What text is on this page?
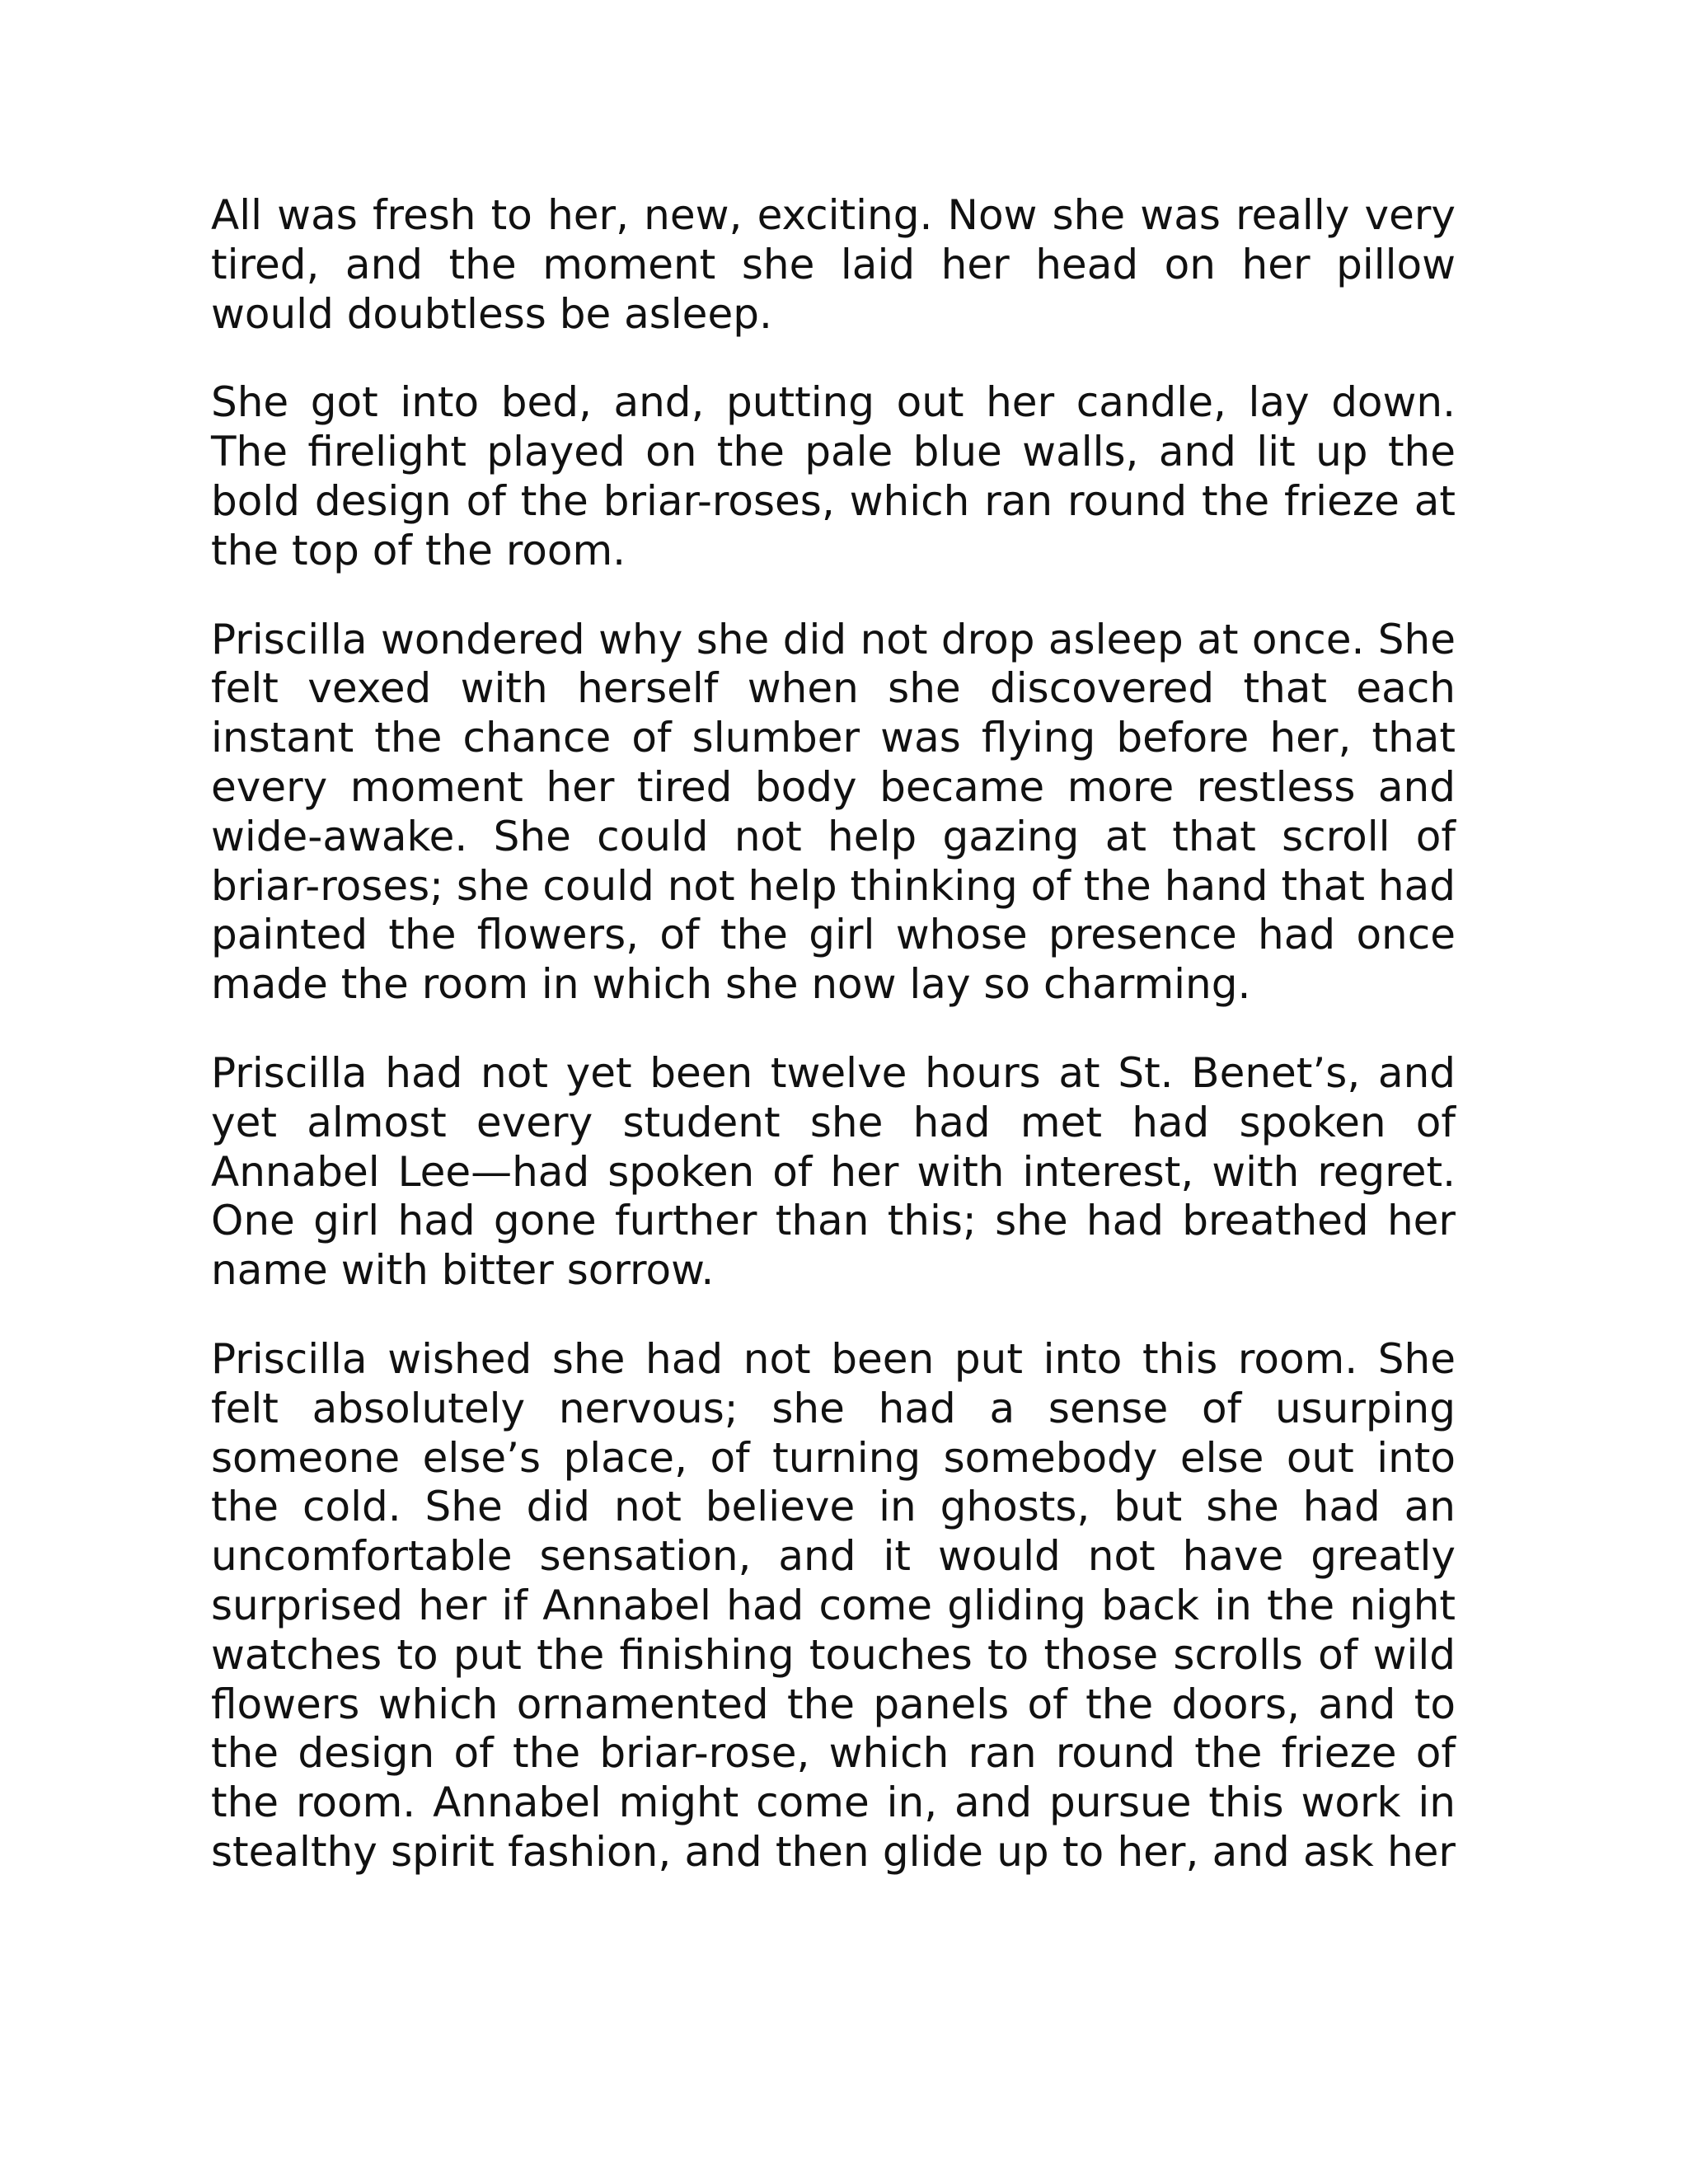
All was fresh to her, new, exciting. Now she was really very tired, and the moment she laid her head on her pillow would doubtless be asleep.

She got into bed, and, putting out her candle, lay down. The firelight played on the pale blue walls, and lit up the bold design of the briar-roses, which ran round the frieze at the top of the room.

Priscilla wondered why she did not drop asleep at once. She felt vexed with herself when she discovered that each instant the chance of slumber was flying before her, that every moment her tired body became more restless and wide-awake. She could not help gazing at that scroll of briar-roses; she could not help thinking of the hand that had painted the flowers, of the girl whose presence had once made the room in which she now lay so charming.

Priscilla had not yet been twelve hours at St. Benet’s, and yet almost every student she had met had spoken of Annabel Lee—had spoken of her with interest, with regret. One girl had gone further than this; she had breathed her name with bitter sorrow.

Priscilla wished she had not been put into this room. She felt absolutely nervous; she had a sense of usurping someone else’s place, of turning somebody else out into the cold. She did not believe in ghosts, but she had an uncomfortable sensation, and it would not have greatly surprised her if Annabel had come gliding back in the night watches to put the finishing touches to those scrolls of wild flowers which ornamented the panels of the doors, and to the design of the briar-rose, which ran round the frieze of the room. Annabel might come in, and pursue this work in stealthy spirit fashion, and then glide up to her, and ask her
